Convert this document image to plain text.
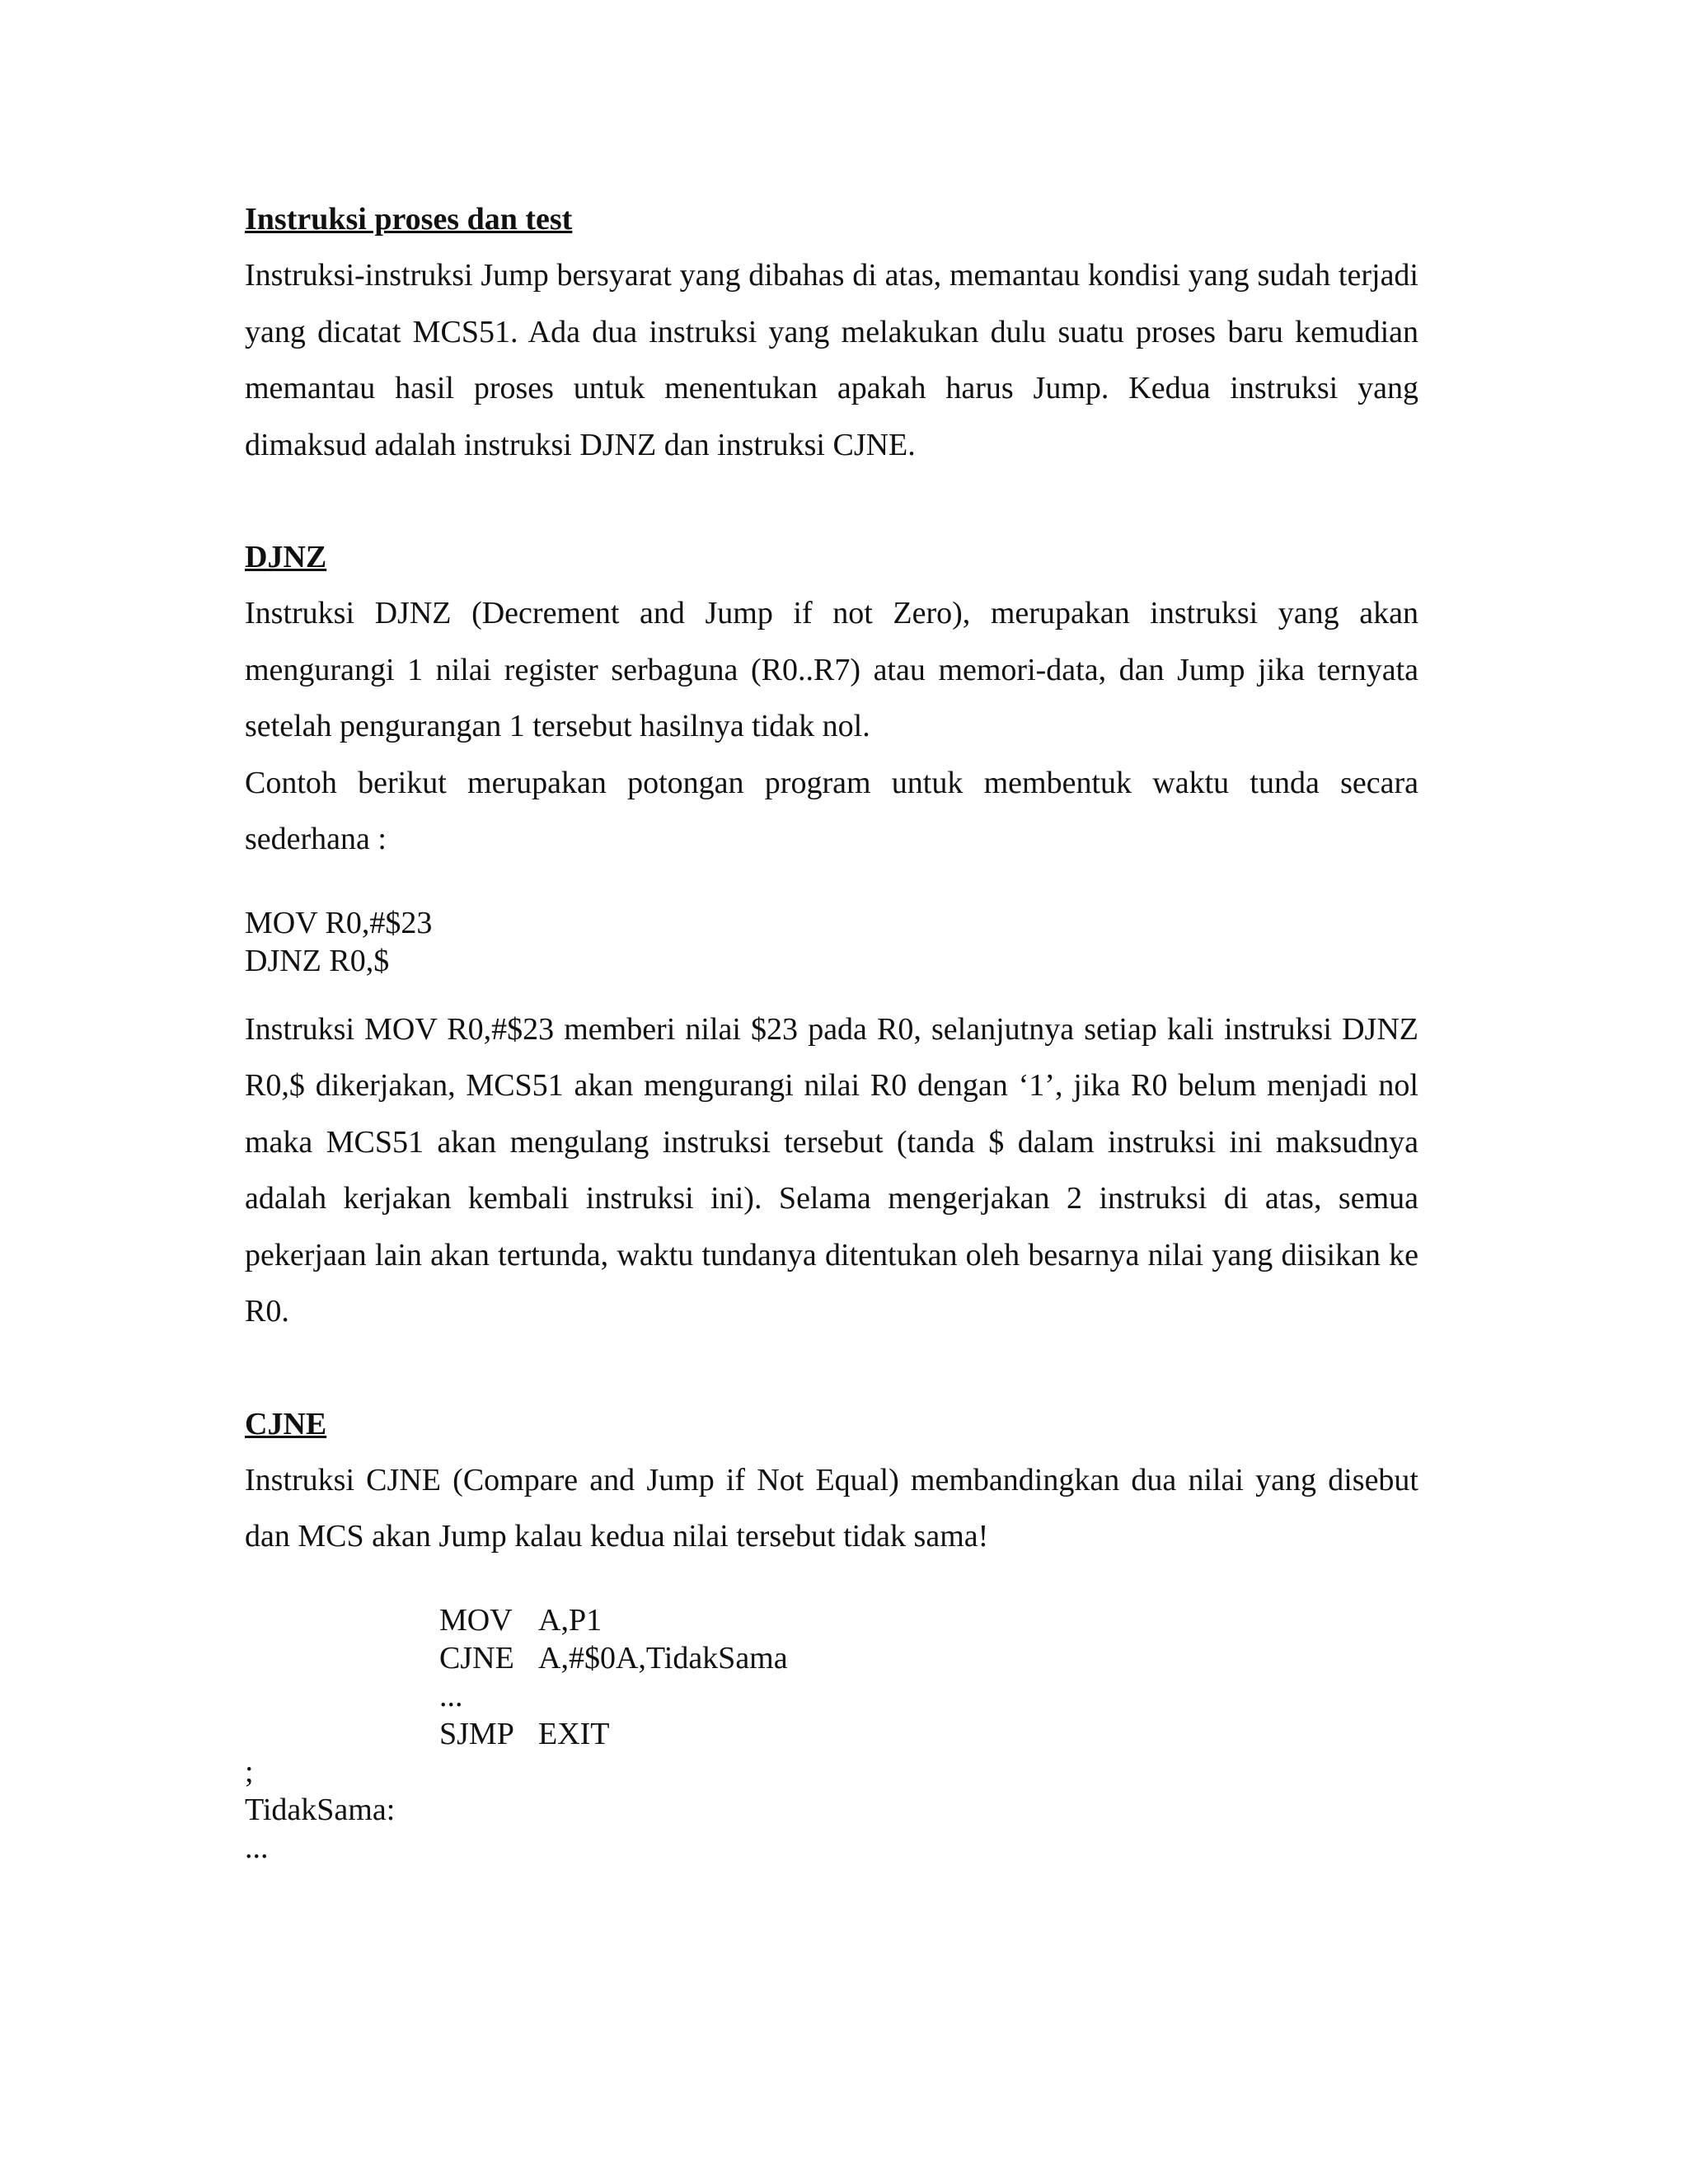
Instruksi proses dan test

Instruksi-instruksi Jump bersyarat yang dibahas di atas, memantau kondisi yang sudah terjadi yang dicatat MCS51. Ada dua instruksi yang melakukan dulu suatu proses baru kemudian memantau hasil proses untuk menentukan apakah harus Jump. Kedua instruksi yang dimaksud adalah instruksi DJNZ dan instruksi CJNE.

DJNZ

Instruksi DJNZ (Decrement and Jump if not Zero), merupakan instruksi yang akan mengurangi 1 nilai register serbaguna (R0..R7) atau memori-data, dan Jump jika ternyata setelah pengurangan 1 tersebut hasilnya tidak nol.

Contoh berikut merupakan potongan program untuk membentuk waktu tunda secara sederhana :

MOV R0,#$23
DJNZ R0,$

Instruksi MOV R0,#$23 memberi nilai $23 pada R0, selanjutnya setiap kali instruksi DJNZ R0,$ dikerjakan, MCS51 akan mengurangi nilai R0 dengan ‘1’, jika R0 belum menjadi nol maka MCS51 akan mengulang instruksi tersebut (tanda $ dalam instruksi ini maksudnya adalah kerjakan kembali instruksi ini). Selama mengerjakan 2 instruksi di atas, semua pekerjaan lain akan tertunda, waktu tundanya ditentukan oleh besarnya nilai yang diisikan ke R0.

CJNE

Instruksi CJNE (Compare and Jump if Not Equal) membandingkan dua nilai yang disebut dan MCS akan Jump kalau kedua nilai tersebut tidak sama!

MOV A,P1
CJNE A,#$0A,TidakSama
...
SJMP EXIT
;
TidakSama:
...
